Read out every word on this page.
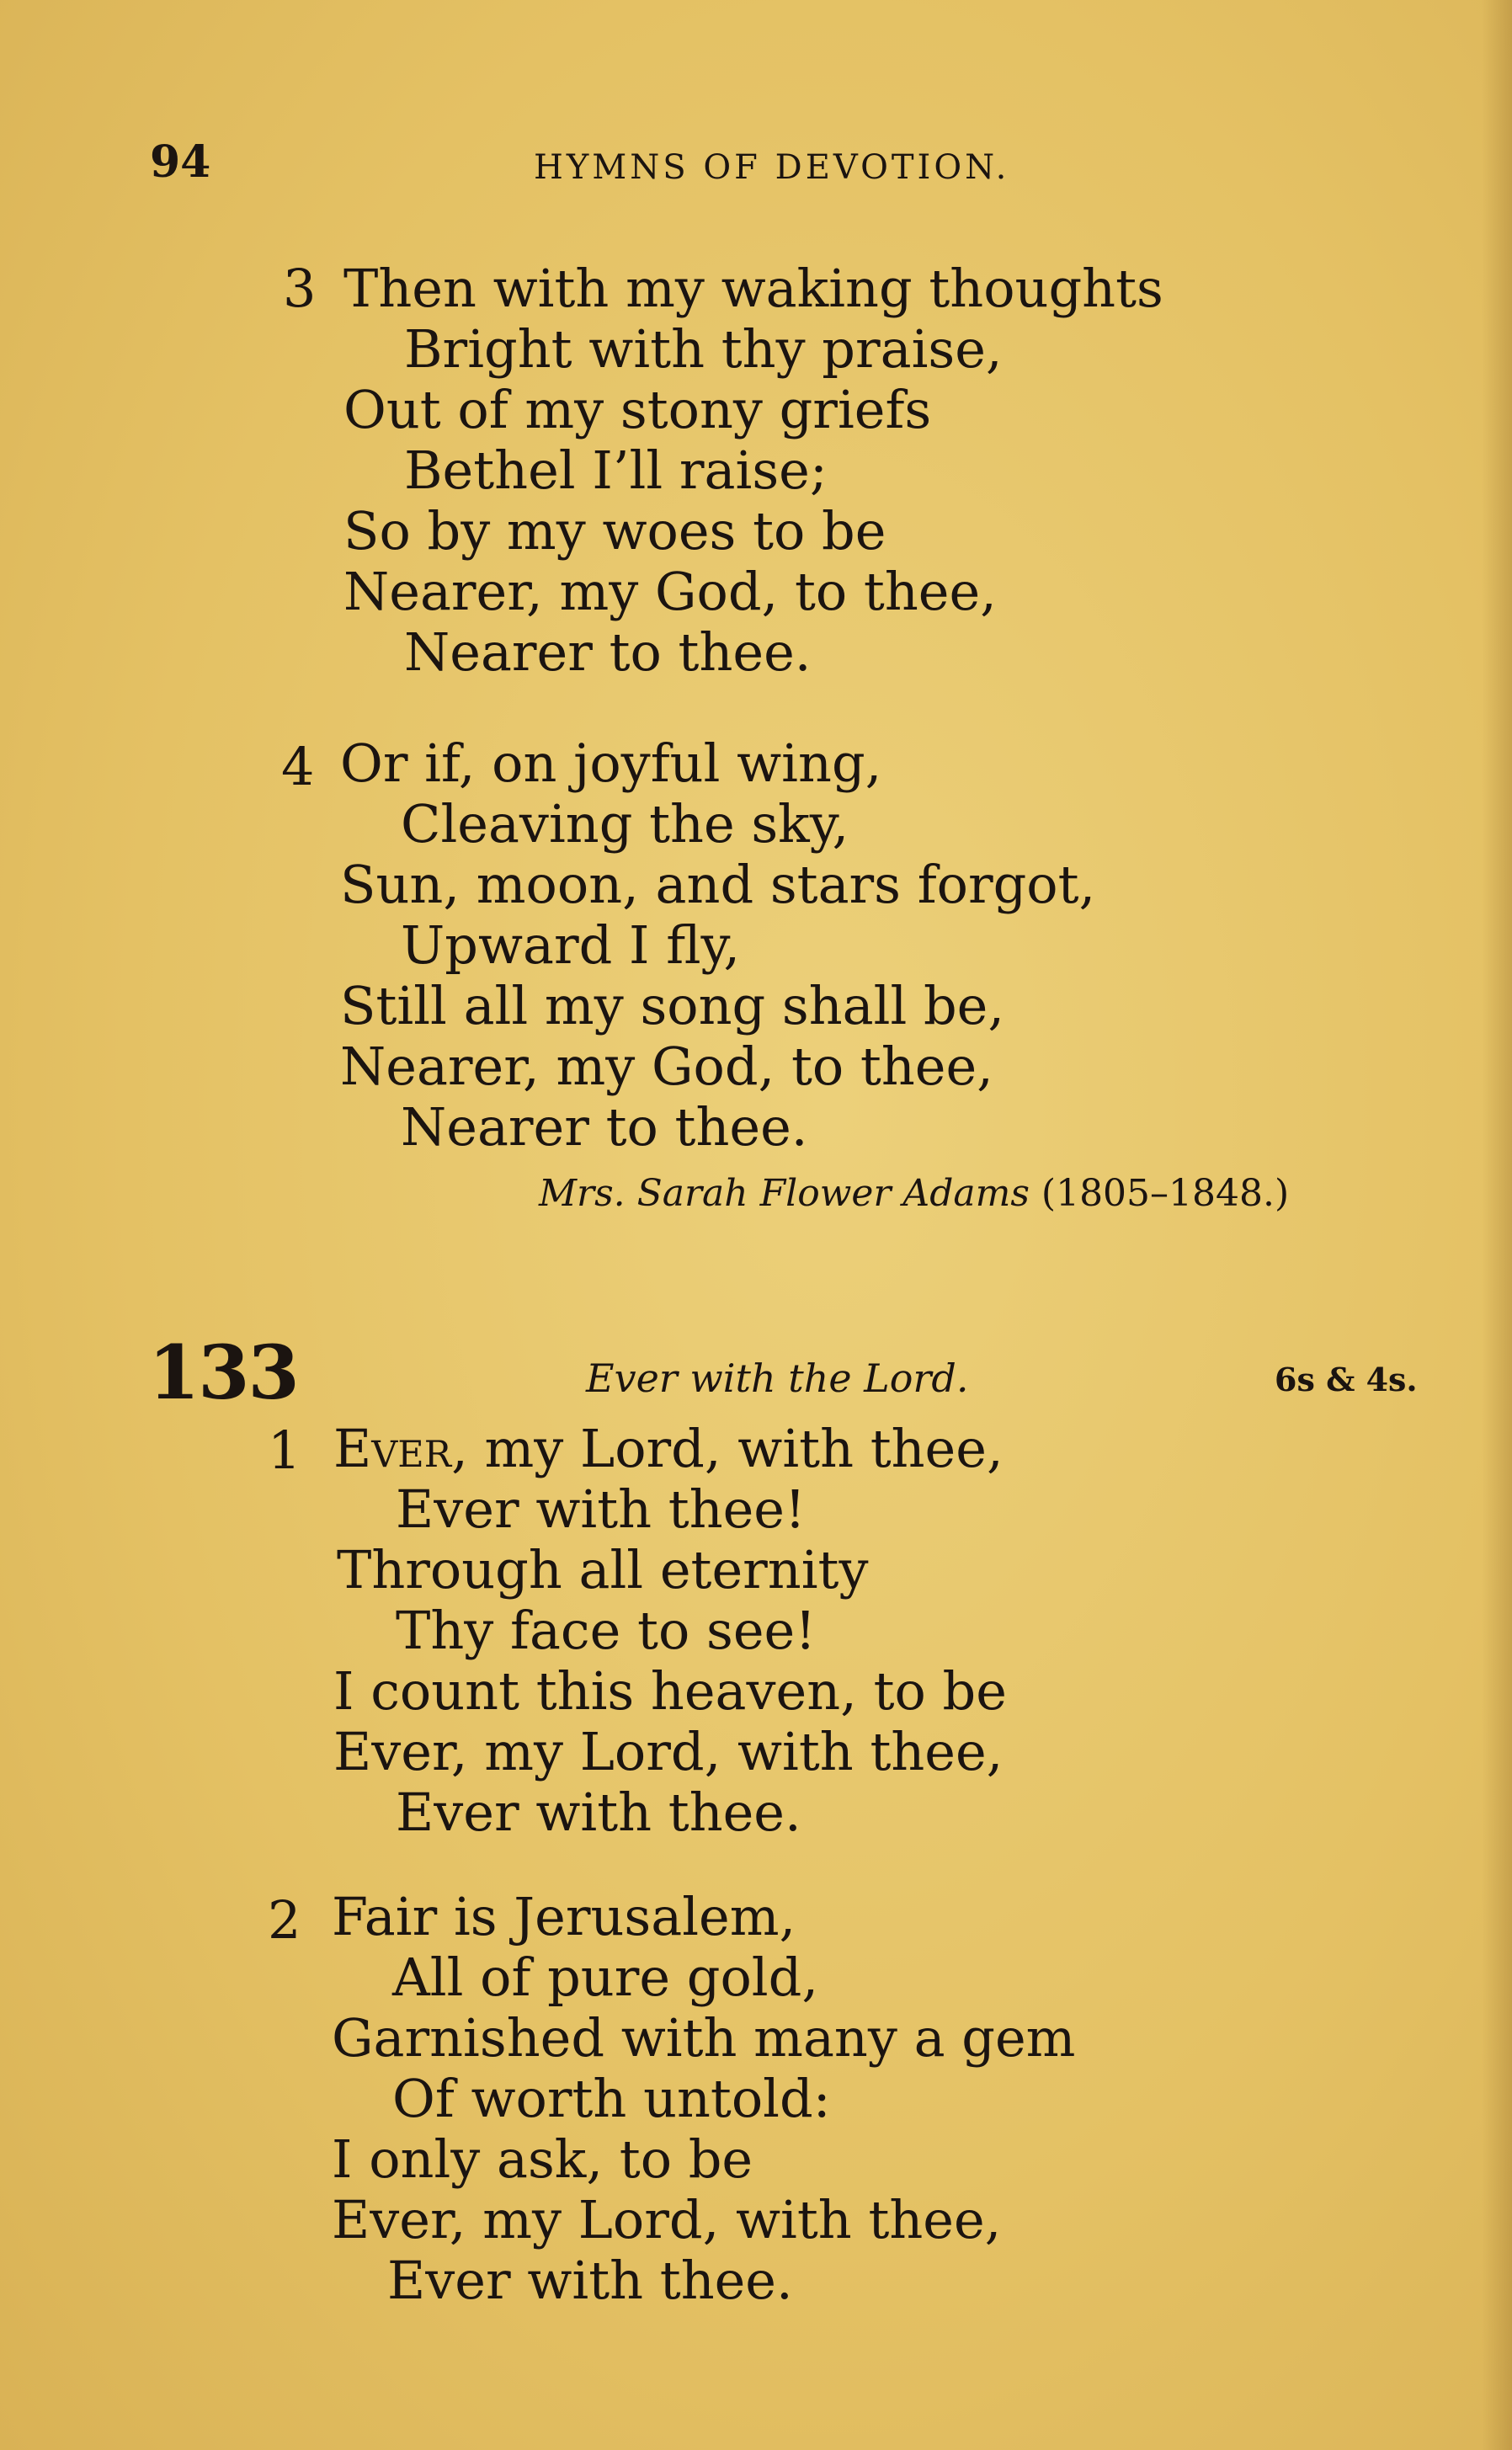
94	HYMNS OF DEVOTION.
3 Then with my waking thoughts
Bright with thy praise,
Out of my stony griefs
Bethel I’ll raise;
So by my woes to be
Nearer, my God, to thee,
Nearer to thee.
4 Or if, on joyful wing,
Cleaving the sky,
Sun, moon, and stars forgot,
Upward I fly,
Still all my song shall be,
Nearer, my God, to thee,
Nearer to thee.
Mrs. Sarah Flower Adams (1805–1848.)
133	Ever with the Lord.	6s & 4s.
1 Ever, my Lord, with thee,
Ever with thee!
Through all eternity
Thy face to see!
I count this heaven, to be
Ever, my Lord, with thee,
Ever with thee.
2 Fair is Jerusalem,
All of pure gold,
Garnished with many a gem
Of worth untold:
I only ask, to be
Ever, my Lord, with thee,
Ever with thee.
